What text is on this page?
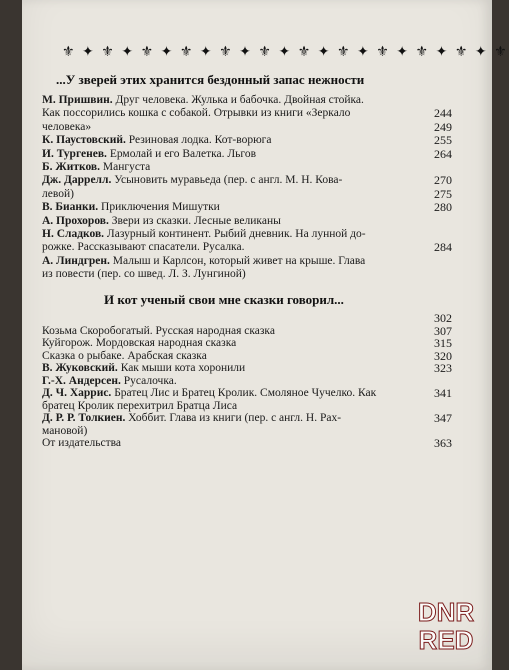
⚜ ✦ ⚜ ✦ ⚜ ✦ ⚜ ✦ ⚜ ✦ ⚜ ✦ ⚜ ✦ ⚜ ✦ ⚜ ✦ ⚜ ✦ ⚜ ✦ ⚜
...У зверей этих хранится бездонный запас нежности
М. Пришвин. Друг человека. Жулька и бабочка. Двойная стойка.
Как поссорились кошка с собакой. Отрывки из книги «Зеркало	244
человека»	249
К. Паустовский. Резиновая лодка. Кот-ворюга	255
И. Тургенев. Ермолай и его Валетка. Льгов	264
Б. Житков. Мангуста
Дж. Даррелл. Усыновить муравьеда (пер. с англ. М. Н. Кова-	270
левой)	275
В. Бианки. Приключения Мишутки	280
А. Прохоров. Звери из сказки. Лесные великаны
Н. Сладков. Лазурный континент. Рыбий дневник. На лунной до-
рожке. Рассказывают спасатели. Русалка.	284
А. Линдгрен. Малыш и Карлсон, который живет на крыше. Глава
из повести (пер. со швед. Л. З. Лунгиной)
И кот ученый свои мне сказки говорил...
302
Козьма Скоробогатый. Русская народная сказка	307
Куйгорож. Мордовская народная сказка	315
Сказка о рыбаке. Арабская сказка	320
В. Жуковский. Как мыши кота хоронили	323
Г.-Х. Андерсен. Русалочка.
Д. Ч. Харрис. Братец Лис и Братец Кролик. Смоляное Чучелко. Как	341
братец Кролик перехитрил Братца Лиса
Д. Р. Р. Толкиен. Хоббит. Глава из книги (пер. с англ. Н. Рах-	347
мановой)
От издательства	363
DNR
RED
